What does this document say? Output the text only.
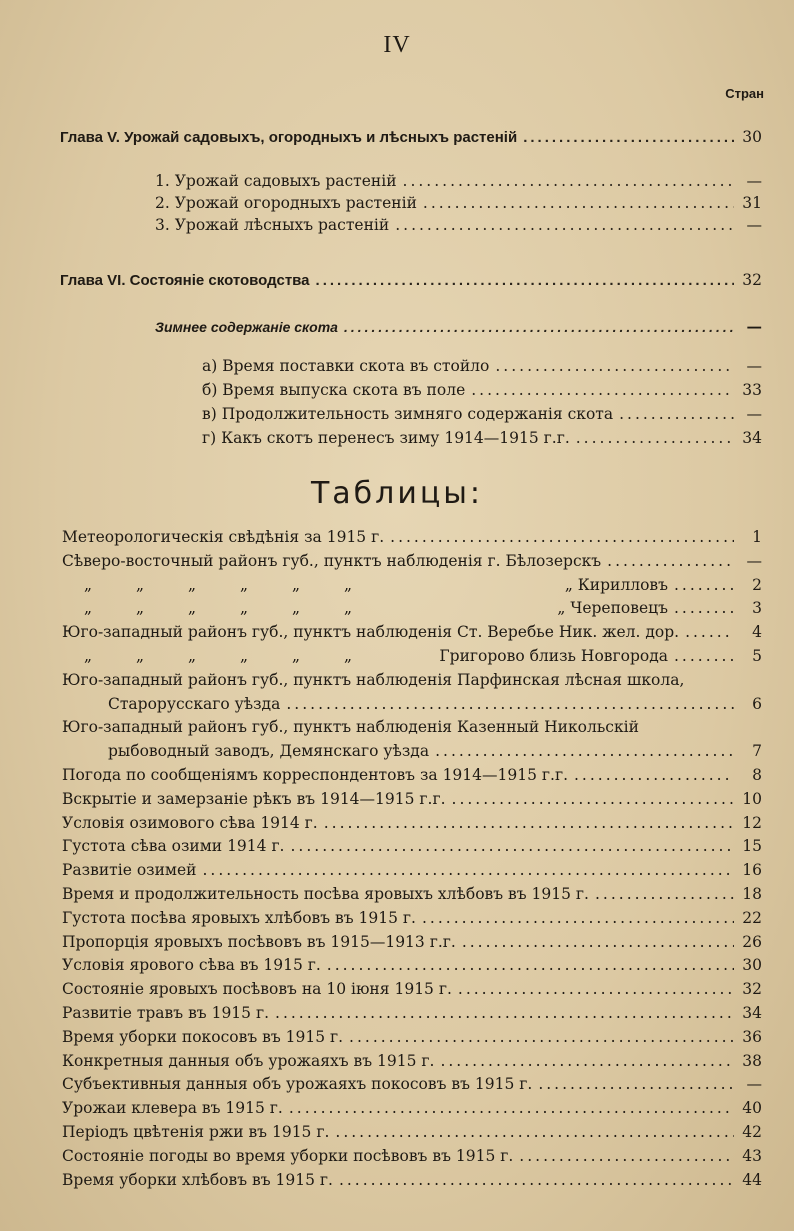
IV
Стран
Глава V. Урожай садовыхъ, огородныхъ и лѣсныхъ растеній .....	30
1. Урожай садовыхъ растеній .....	—
2. Урожай огородныхъ растеній .....	31
3. Урожай лѣсныхъ растеній .....	—
Глава VI. Состояніе скотоводства .....	32
Зимнее содержаніе скота .....	—
а) Время поставки скота въ стойло .....	—
б) Время выпуска скота въ поле .....	33
в) Продолжительность зимняго содержанія скота .....	—
г) Какъ скотъ перенесъ зиму 1914—1915 г.г. .....	34
Таблицы:
Метеорологическія свѣдѣнія за 1915 г. .....	1
Сѣверо-восточный районъ губ., пунктъ наблюденія г. Бѣлозерскъ .....	—
„	„	„	„	„	„	„ Кирилловъ .....	2
„	„	„	„	„	„	„ Череповецъ .....	3
Юго-западный районъ губ., пунктъ наблюденія Ст. Веребье Ник. жел. дор. .....	4
„	„	„	„	„	„	Григорово близь Новгорода .....	5
Юго-западный районъ губ., пунктъ наблюденія Парфинская лѣсная школа,
Старорусскаго уѣзда .....	6
Юго-западный районъ губ., пунктъ наблюденія Казенный Никольскій
рыбоводный заводъ, Демянскаго уѣзда .....	7
Погода по сообщеніямъ корреспондентовъ за 1914—1915 г.г. .....	8
Вскрытіе и замерзаніе рѣкъ въ 1914—1915 г.г. .....	10
Условія озимового сѣва 1914 г. .....	12
Густота сѣва озими 1914 г. .....	15
Развитіе озимей .....	16
Время и продолжительность посѣва яровыхъ хлѣбовъ въ 1915 г. .....	18
Густота посѣва яровыхъ хлѣбовъ въ 1915 г. .....	22
Пропорція яровыхъ посѣвовъ въ 1915—1913 г.г. .....	26
Условія ярового сѣва въ 1915 г. .....	30
Состояніе яровыхъ посѣвовъ на 10 іюня 1915 г. .....	32
Развитіе травъ въ 1915 г. .....	34
Время уборки покосовъ въ 1915 г. .....	36
Конкретныя данныя объ урожаяхъ въ 1915 г. .....	38
Субъективныя данныя объ урожаяхъ покосовъ въ 1915 г. .....	—
Урожаи клевера въ 1915 г. .....	40
Періодъ цвѣтенія ржи въ 1915 г. .....	42
Состояніе погоды во время уборки посѣвовъ въ 1915 г. .....	43
Время уборки хлѣбовъ въ 1915 г. .....	44
